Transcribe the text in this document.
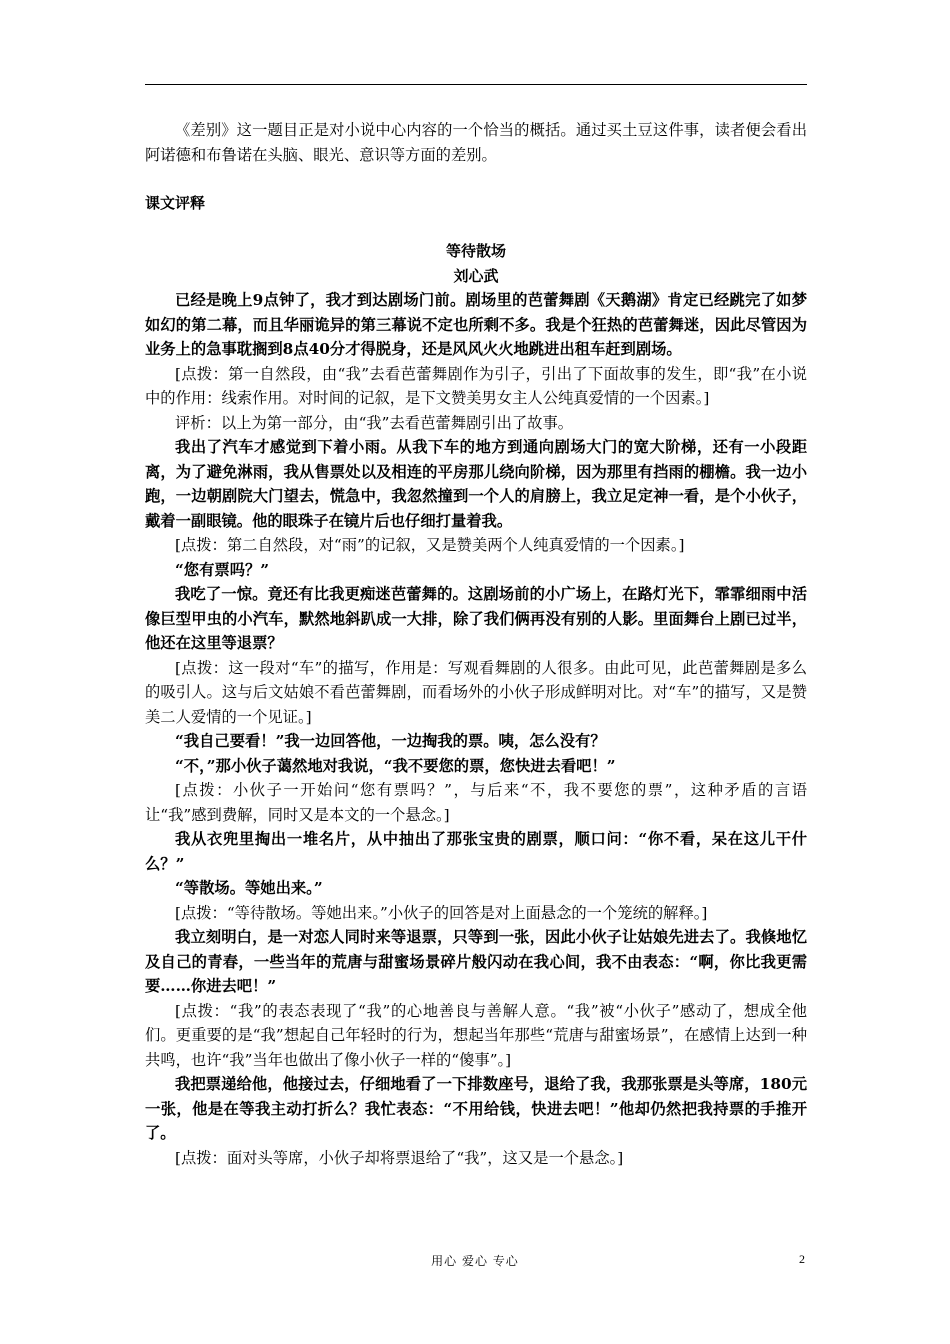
《差别》这一题目正是对小说中心内容的一个恰当的概括。通过买土豆这件事，读者便会看出阿诺德和布鲁诺在头脑、眼光、意识等方面的差别。

课文评释

等待散场

刘心武

已经是晚上9点钟了，我才到达剧场门前。剧场里的芭蕾舞剧《天鹅湖》肯定已经跳完了如梦如幻的第二幕，而且华丽诡异的第三幕说不定也所剩不多。我是个狂热的芭蕾舞迷，因此尽管因为业务上的急事耽搁到8点40分才得脱身，还是风风火火地跳进出租车赶到剧场。

[点拨：第一自然段，由“我”去看芭蕾舞剧作为引子，引出了下面故事的发生，即“我”在小说中的作用：线索作用。对时间的记叙，是下文赞美男女主人公纯真爱情的一个因素。]

评析：以上为第一部分，由“我”去看芭蕾舞剧引出了故事。

我出了汽车才感觉到下着小雨。从我下车的地方到通向剧场大门的宽大阶梯，还有一小段距离，为了避免淋雨，我从售票处以及相连的平房那儿绕向阶梯，因为那里有挡雨的棚檐。我一边小跑，一边朝剧院大门望去，慌急中，我忽然撞到一个人的肩膀上，我立足定神一看，是个小伙子，戴着一副眼镜。他的眼珠子在镜片后也仔细打量着我。

[点拨：第二自然段，对“雨”的记叙，又是赞美两个人纯真爱情的一个因素。]

“您有票吗？”

我吃了一惊。竟还有比我更痴迷芭蕾舞的。这剧场前的小广场上，在路灯光下，霏霏细雨中活像巨型甲虫的小汽车，默然地斜趴成一大排，除了我们俩再没有别的人影。里面舞台上剧已过半，他还在这里等退票？

[点拨：这一段对“车”的描写，作用是：写观看舞剧的人很多。由此可见，此芭蕾舞剧是多么的吸引人。这与后文姑娘不看芭蕾舞剧，而看场外的小伙子形成鲜明对比。对“车”的描写，又是赞美二人爱情的一个见证。]

“我自己要看！”我一边回答他，一边掏我的票。咦，怎么没有？

“不，”那小伙子蔼然地对我说，“我不要您的票，您快进去看吧！”

[点拨：小伙子一开始问“您有票吗？”，与后来“不，我不要您的票”，这种矛盾的言语让“我”感到费解，同时又是本文的一个悬念。]

我从衣兜里掏出一堆名片，从中抽出了那张宝贵的剧票，顺口问：“你不看，呆在这儿干什么？”

“等散场。等她出来。”

[点拨：“等待散场。等她出来。”小伙子的回答是对上面悬念的一个笼统的解释。]

我立刻明白，是一对恋人同时来等退票，只等到一张，因此小伙子让姑娘先进去了。我倏地忆及自己的青春，一些当年的荒唐与甜蜜场景碎片般闪动在我心间，我不由表态：“啊，你比我更需要……你进去吧！”

[点拨：“我”的表态表现了“我”的心地善良与善解人意。“我”被“小伙子”感动了，想成全他们。更重要的是“我”想起自己年轻时的行为，想起当年那些“荒唐与甜蜜场景”，在感情上达到一种共鸣，也许“我”当年也做出了像小伙子一样的“傻事”。]

我把票递给他，他接过去，仔细地看了一下排数座号，退给了我，我那张票是头等席，180元一张，他是在等我主动打折么？我忙表态：“不用给钱，快进去吧！”他却仍然把我持票的手推开了。

[点拨：面对头等席，小伙子却将票退给了“我”，这又是一个悬念。]

用心 爱心 专心	2
